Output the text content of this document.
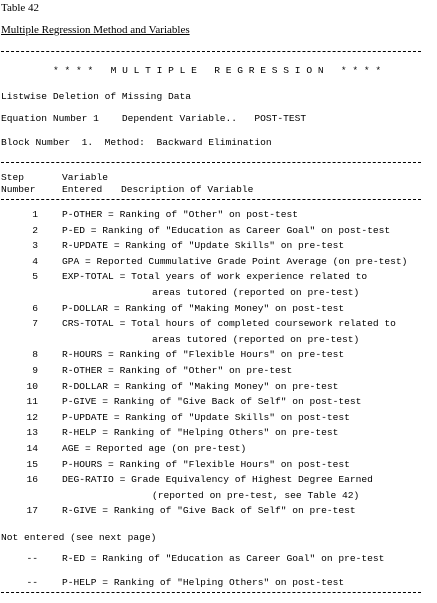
Table 42
Multiple Regression Method and Variables
* * * *   M U L T I P L E   R E G R E S S I O N   * * * *
Listwise Deletion of Missing Data
Equation Number 1    Dependent Variable..   POST-TEST
Block Number  1.  Method:  Backward Elimination
Step
Number
Variable
Entered Description of Variable
1	P-OTHER = Ranking of "Other" on post-test
2	P-ED = Ranking of "Education as Career Goal" on post-test
3	R-UPDATE = Ranking of "Update Skills" on pre-test
4	GPA = Reported Cummulative Grade Point Average (on pre-test)
5	EXP-TOTAL = Total years of work experience related to
areas tutored (reported on pre-test)
6	P-DOLLAR = Ranking of "Making Money" on post-test
7	CRS-TOTAL = Total hours of completed coursework related to
areas tutored (reported on pre-test)
8	R-HOURS = Ranking of "Flexible Hours" on pre-test
9	R-OTHER = Ranking of "Other" on pre-test
10	R-DOLLAR = Ranking of "Making Money" on pre-test
11	P-GIVE = Ranking of "Give Back of Self" on post-test
12	P-UPDATE = Ranking of "Update Skills" on post-test
13	R-HELP = Ranking of "Helping Others" on pre-test
14	AGE = Reported age (on pre-test)
15	P-HOURS = Ranking of "Flexible Hours" on post-test
16	DEG-RATIO = Grade Equivalency of Highest Degree Earned
(reported on pre-test, see Table 42)
17	R-GIVE = Ranking of "Give Back of Self" on pre-test
Not entered (see next page)
--	R-ED = Ranking of "Education as Career Goal" on pre-test
--	P-HELP = Ranking of "Helping Others" on post-test
